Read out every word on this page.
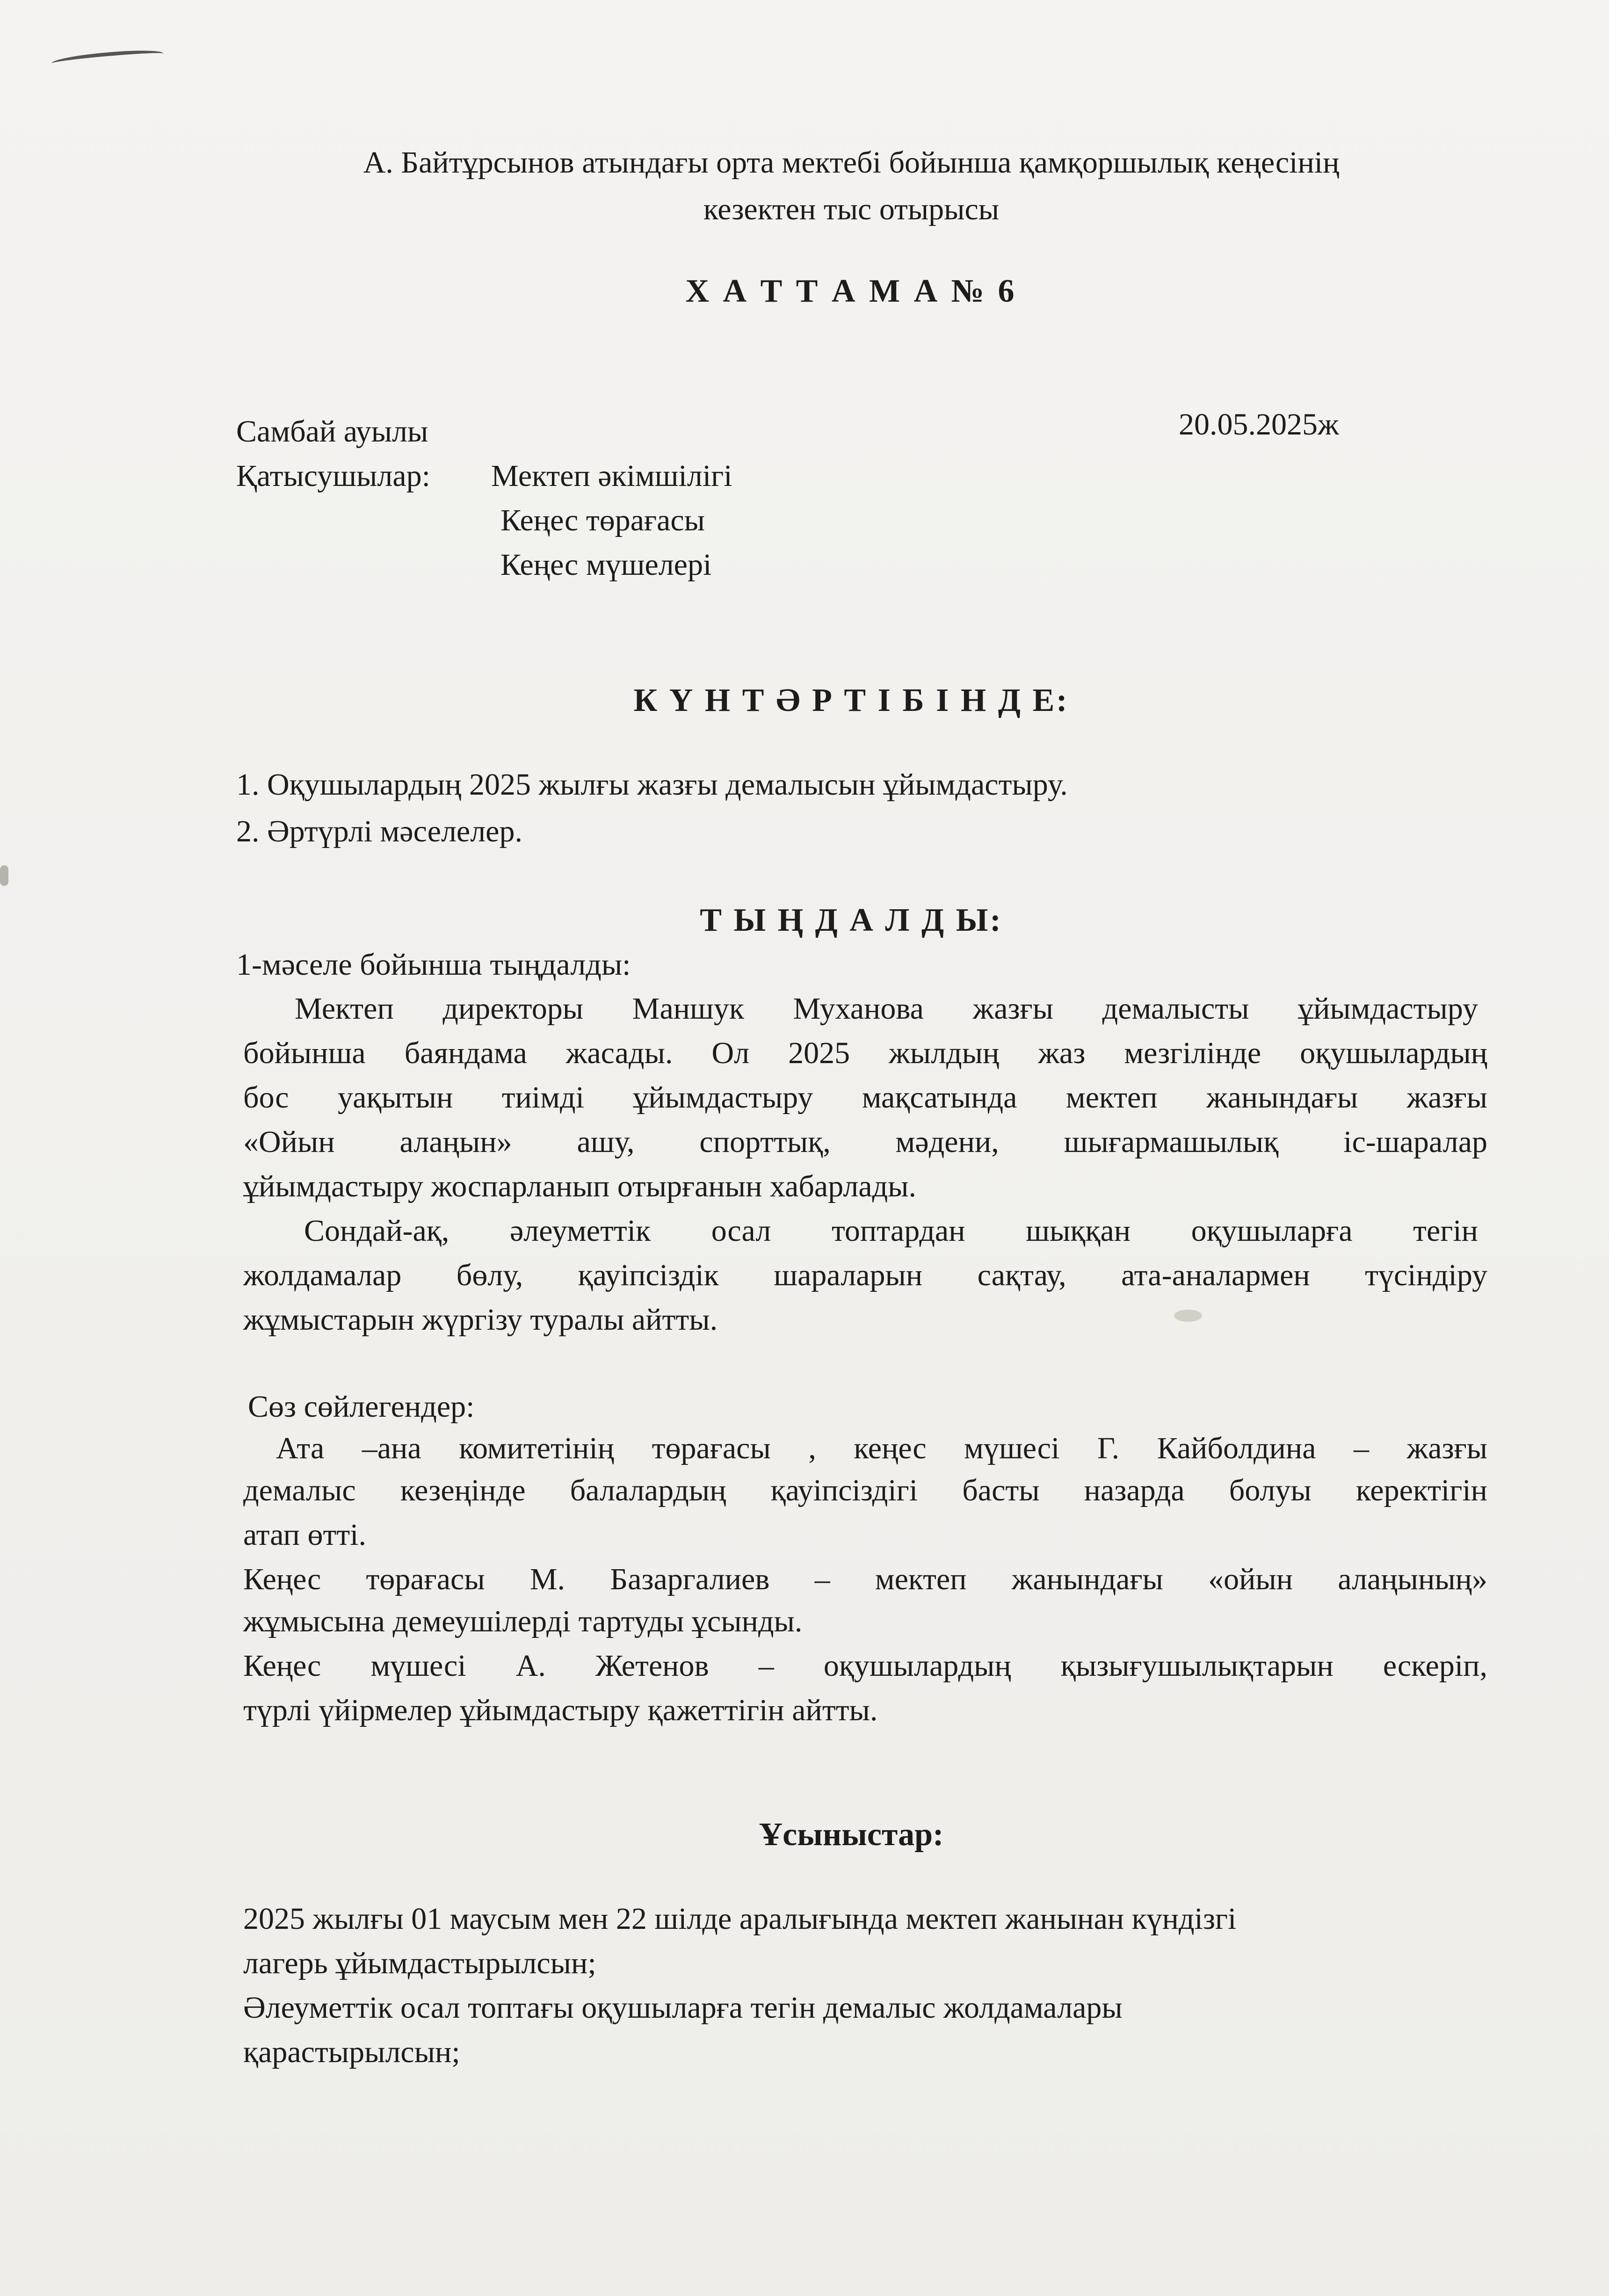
А. Байтұрсынов атындағы орта мектебі бойынша қамқоршылық кеңесінің
кезектен тыс отырысы
Х А Т Т А М А № 6
Самбай ауылы	20.05.2025ж
Қатысушылар: Мектеп әкімшілігі
Кеңес төрағасы
Кеңес мүшелері
К Ү Н Т Ә Р Т І Б І Н Д Е:
1. Оқушылардың 2025 жылғы жазғы демалысын ұйымдастыру.
2. Әртүрлі мәселелер.
Т Ы Ң Д А Л Д Ы:
1-мәселе бойынша тыңдалды:
Мектеп директоры Маншук Муханова жазғы демалысты ұйымдастыру
бойынша баяндама жасады. Ол 2025 жылдың жаз мезгілінде оқушылардың
бос уақытын тиімді ұйымдастыру мақсатында мектеп жанындағы жазғы
«Ойын алаңын» ашу, спорттық, мәдени, шығармашылық іс-шаралар
ұйымдастыру жоспарланып отырғанын хабарлады.
Сондай-ақ, әлеуметтік осал топтардан шыққан оқушыларға тегін
жолдамалар бөлу, қауіпсіздік шараларын сақтау, ата-аналармен түсіндіру
жұмыстарын жүргізу туралы айтты.
Сөз сөйлегендер:
Ата –ана комитетінің төрағасы , кеңес мүшесі Г. Кайболдина – жазғы
демалыс кезеңінде балалардың қауіпсіздігі басты назарда болуы керектігін
атап өтті.
Кеңес төрағасы М. Базаргалиев – мектеп жанындағы «ойын алаңының»
жұмысына демеушілерді тартуды ұсынды.
Кеңес мүшесі А. Жетенов – оқушылардың қызығушылықтарын ескеріп,
түрлі үйірмелер ұйымдастыру қажеттігін айтты.
Ұсыныстар:
2025 жылғы 01 маусым мен 22 шілде аралығында мектеп жанынан күндізгі
лагерь ұйымдастырылсын;
Әлеуметтік осал топтағы оқушыларға тегін демалыс жолдамалары
қарастырылсын;
